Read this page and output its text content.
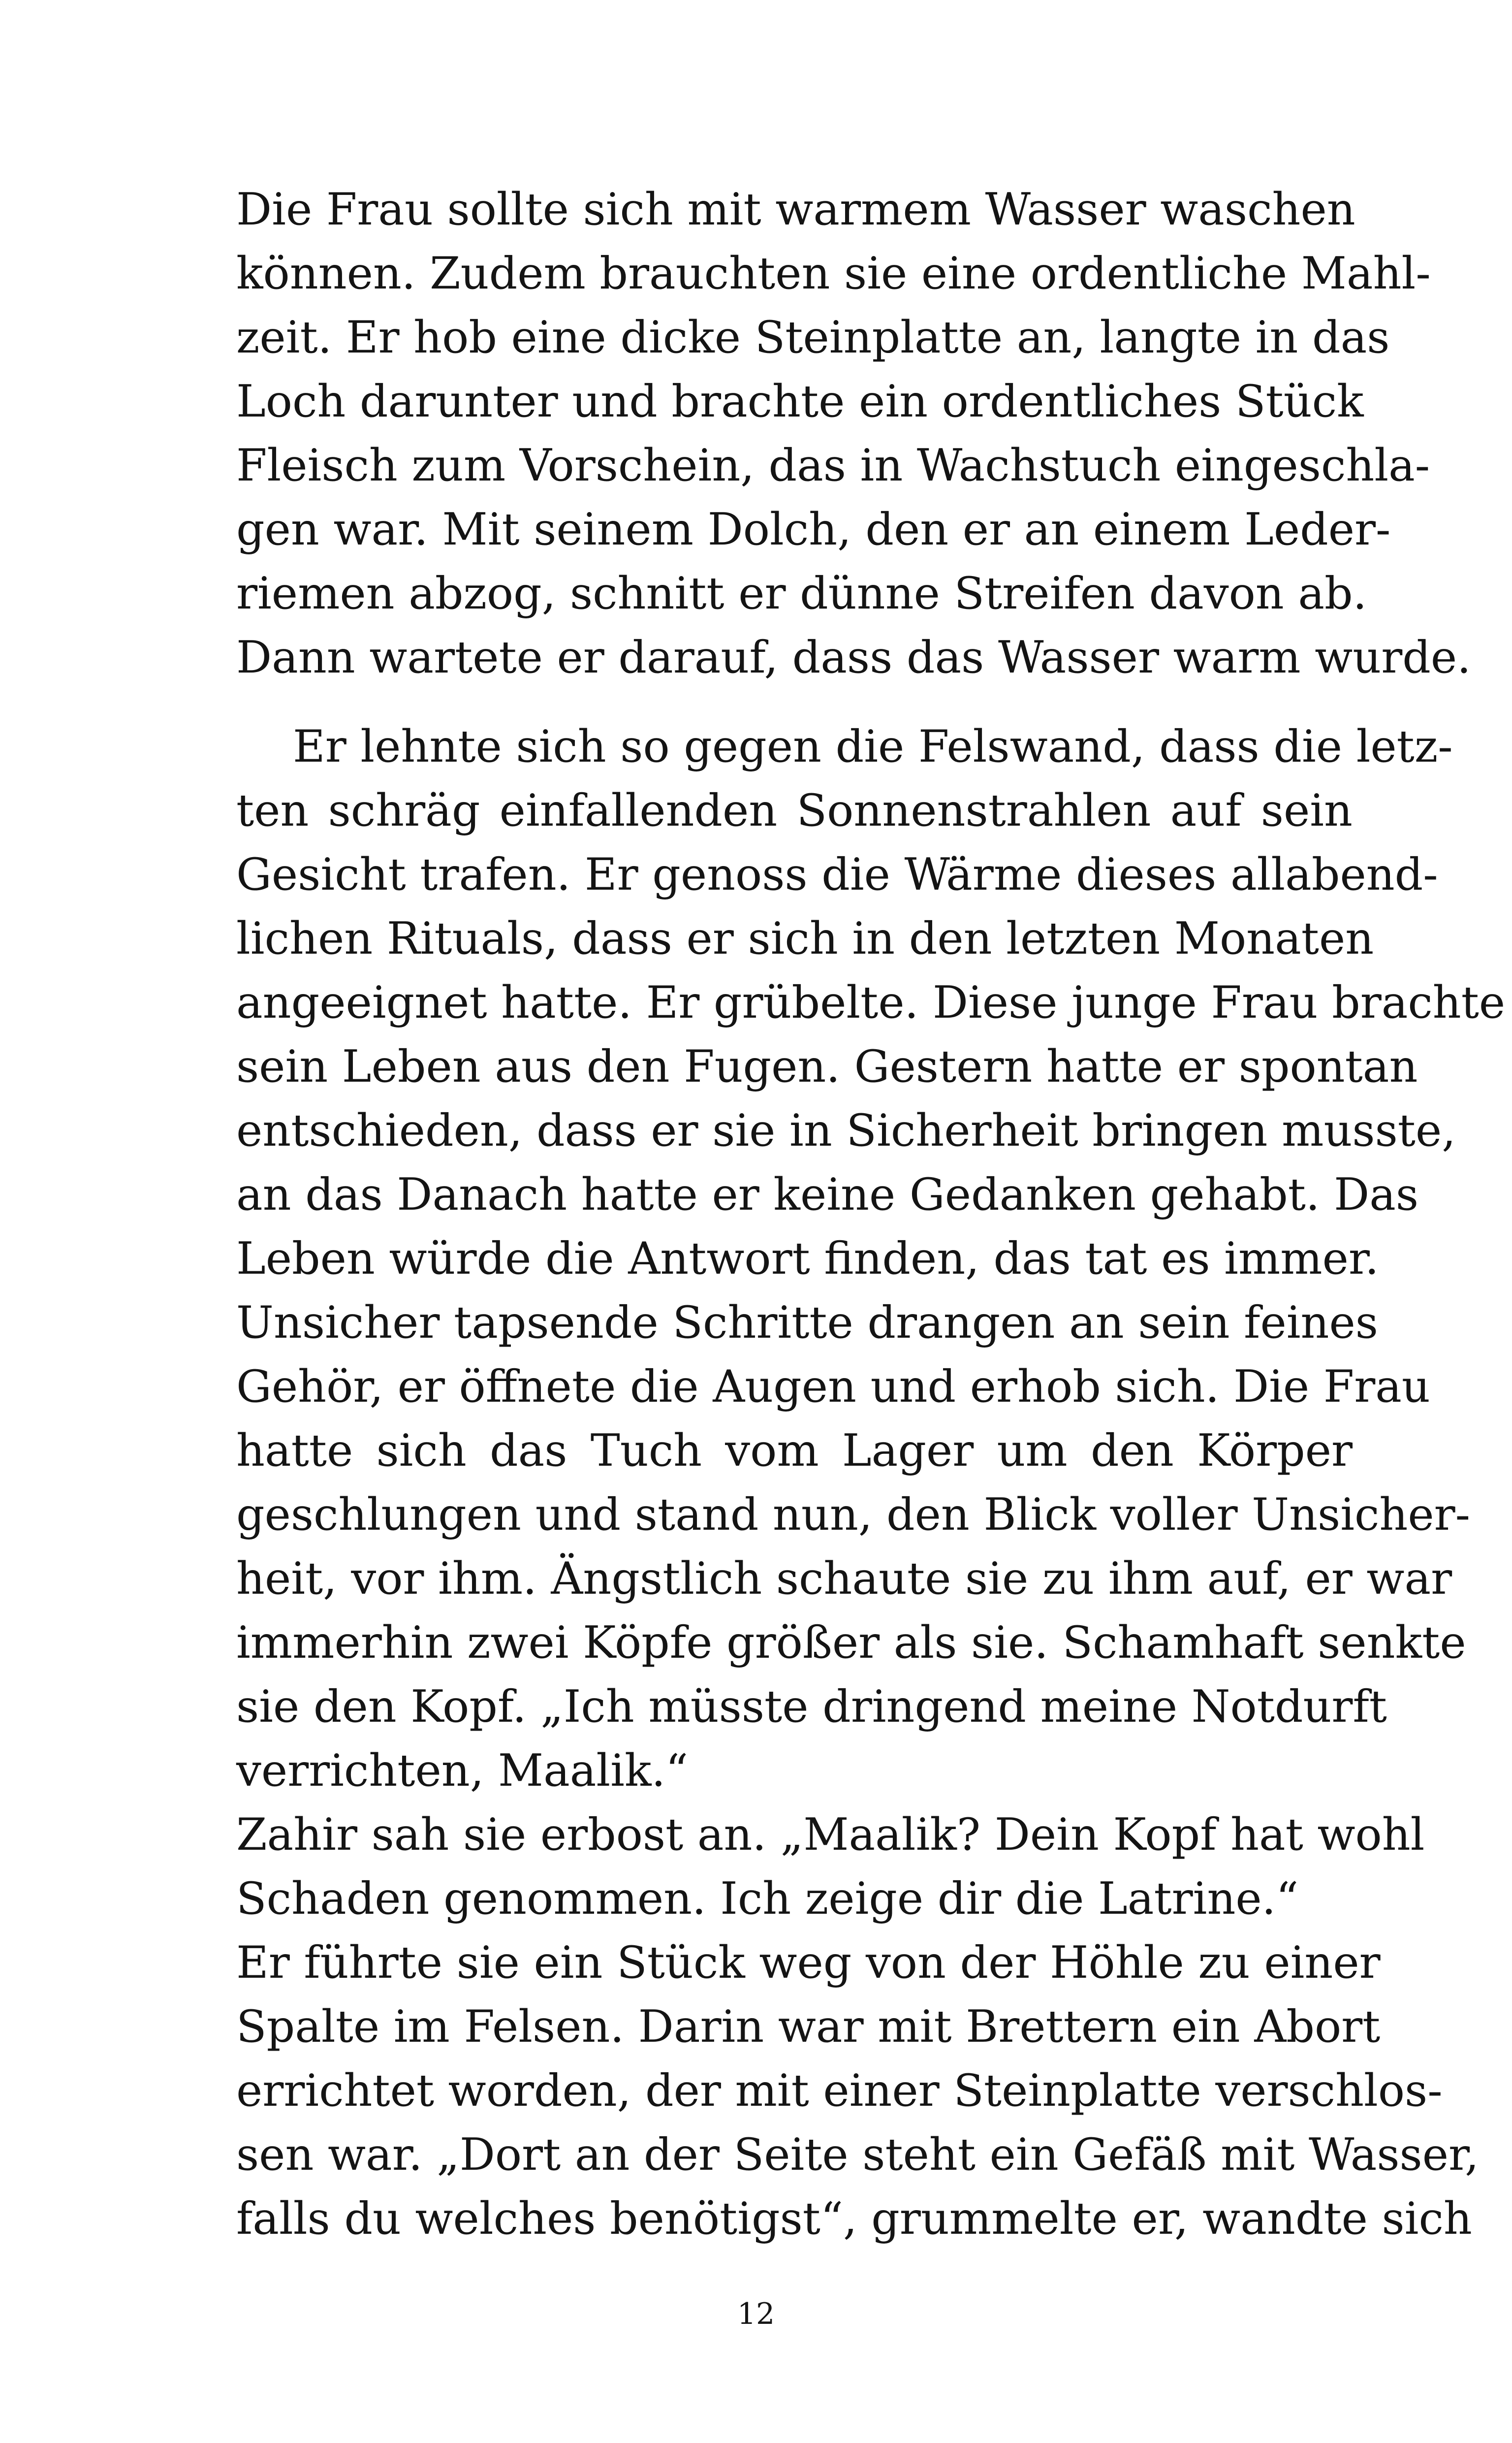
Die Frau sollte sich mit warmem Wasser waschen
können. Zudem brauchten sie eine ordentliche Mahl-
zeit. Er hob eine dicke Steinplatte an, langte in das
Loch darunter und brachte ein ordentliches Stück
Fleisch zum Vorschein, das in Wachstuch eingeschla-
gen war. Mit seinem Dolch, den er an einem Leder-
riemen abzog, schnitt er dünne Streifen davon ab.
Dann wartete er darauf, dass das Wasser warm wurde.
Er lehnte sich so gegen die Felswand, dass die letz-
ten schräg einfallenden Sonnenstrahlen auf sein
Gesicht trafen. Er genoss die Wärme dieses allabend-
lichen Rituals, dass er sich in den letzten Monaten
angeeignet hatte. Er grübelte. Diese junge Frau brachte
sein Leben aus den Fugen. Gestern hatte er spontan
entschieden, dass er sie in Sicherheit bringen musste,
an das Danach hatte er keine Gedanken gehabt. Das
Leben würde die Antwort finden, das tat es immer.
Unsicher tapsende Schritte drangen an sein feines
Gehör, er öffnete die Augen und erhob sich. Die Frau
hatte sich das Tuch vom Lager um den Körper
geschlungen und stand nun, den Blick voller Unsicher-
heit, vor ihm. Ängstlich schaute sie zu ihm auf, er war
immerhin zwei Köpfe größer als sie. Schamhaft senkte
sie den Kopf. „Ich müsste dringend meine Notdurft
verrichten, Maalik.“
Zahir sah sie erbost an. „Maalik? Dein Kopf hat wohl
Schaden genommen. Ich zeige dir die Latrine.“
Er führte sie ein Stück weg von der Höhle zu einer
Spalte im Felsen. Darin war mit Brettern ein Abort
errichtet worden, der mit einer Steinplatte verschlos-
sen war. „Dort an der Seite steht ein Gefäß mit Wasser,
falls du welches benötigst“, grummelte er, wandte sich
12
